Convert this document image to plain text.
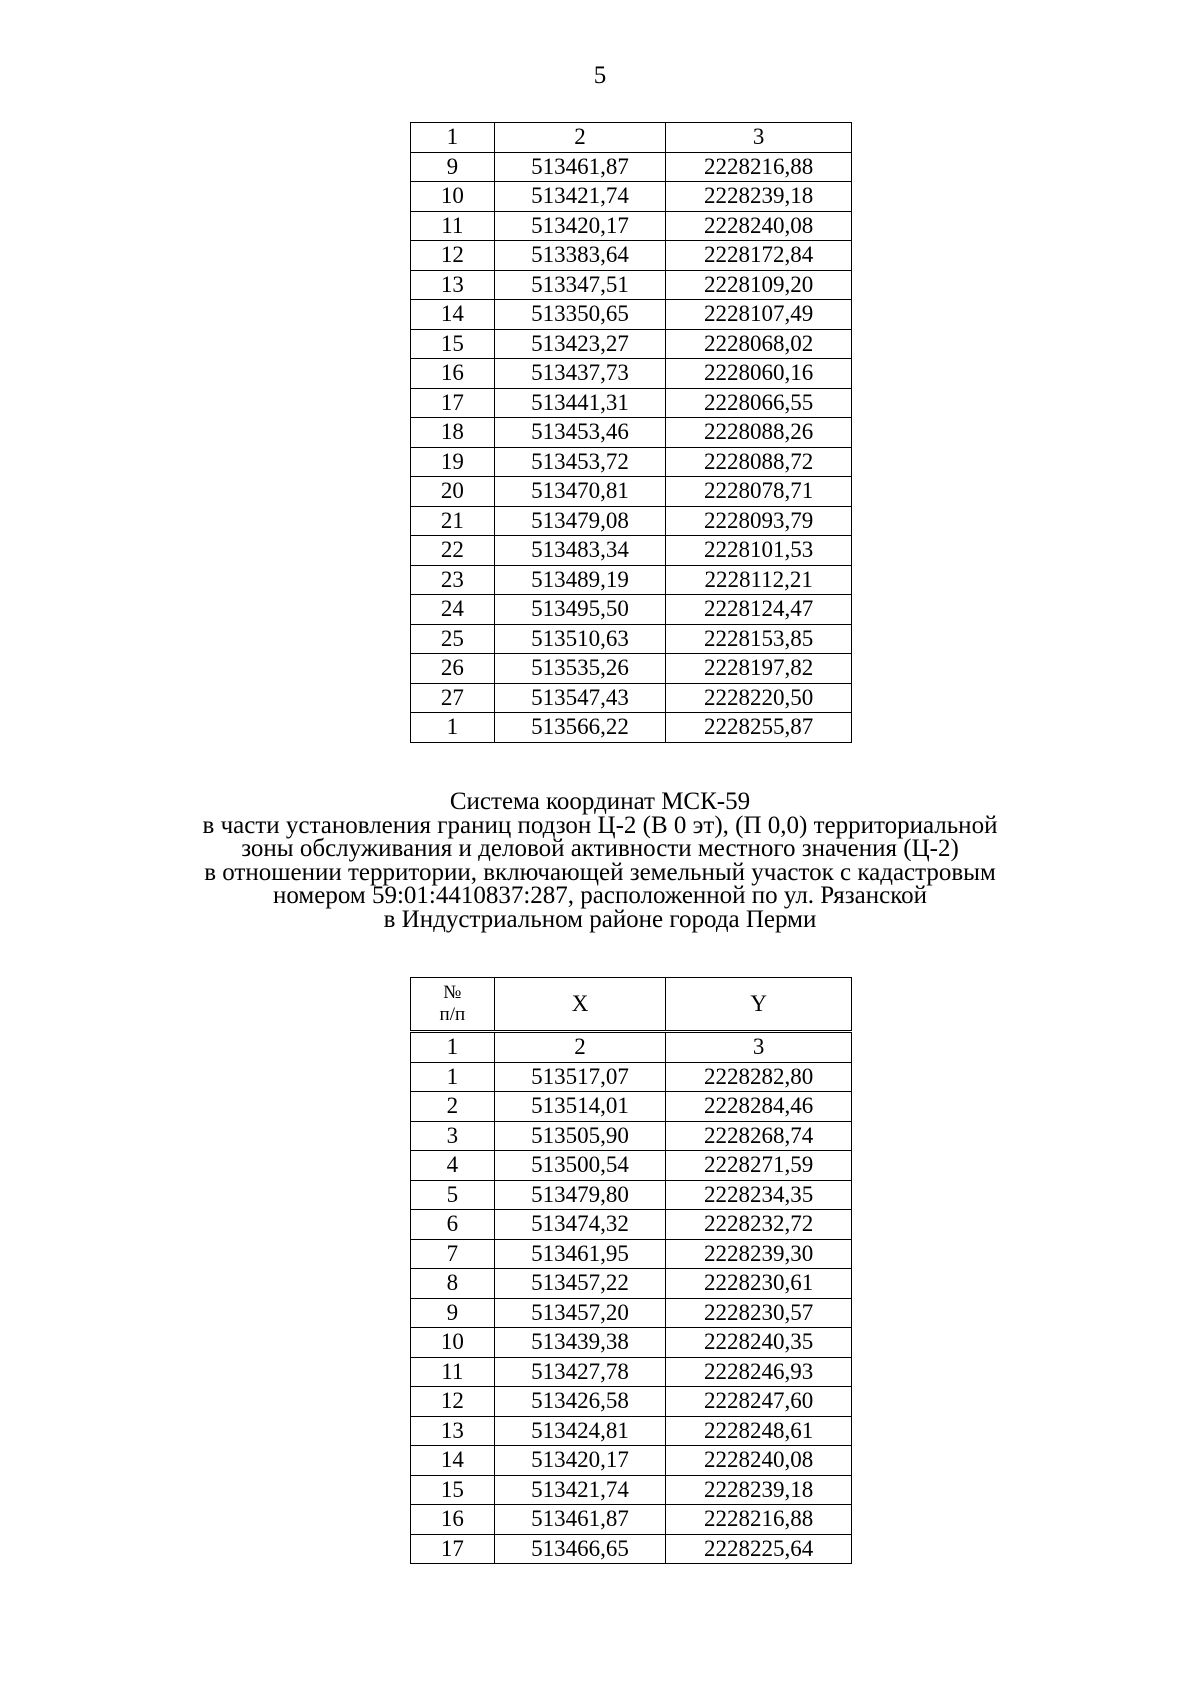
5
1	2	3
9	513461,87	2228216,88
10	513421,74	2228239,18
11	513420,17	2228240,08
12	513383,64	2228172,84
13	513347,51	2228109,20
14	513350,65	2228107,49
15	513423,27	2228068,02
16	513437,73	2228060,16
17	513441,31	2228066,55
18	513453,46	2228088,26
19	513453,72	2228088,72
20	513470,81	2228078,71
21	513479,08	2228093,79
22	513483,34	2228101,53
23	513489,19	2228112,21
24	513495,50	2228124,47
25	513510,63	2228153,85
26	513535,26	2228197,82
27	513547,43	2228220,50
1	513566,22	2228255,87
Система координат МСК-59
в части установления границ подзон Ц-2 (В 0 эт), (П 0,0) территориальной
зоны обслуживания и деловой активности местного значения (Ц-2)
в отношении территории, включающей земельный участок с кадастровым
номером 59:01:4410837:287, расположенной по ул. Рязанской
в Индустриальном районе города Перми
№
п/п	X	Y
1	2	3
1	513517,07	2228282,80
2	513514,01	2228284,46
3	513505,90	2228268,74
4	513500,54	2228271,59
5	513479,80	2228234,35
6	513474,32	2228232,72
7	513461,95	2228239,30
8	513457,22	2228230,61
9	513457,20	2228230,57
10	513439,38	2228240,35
11	513427,78	2228246,93
12	513426,58	2228247,60
13	513424,81	2228248,61
14	513420,17	2228240,08
15	513421,74	2228239,18
16	513461,87	2228216,88
17	513466,65	2228225,64
